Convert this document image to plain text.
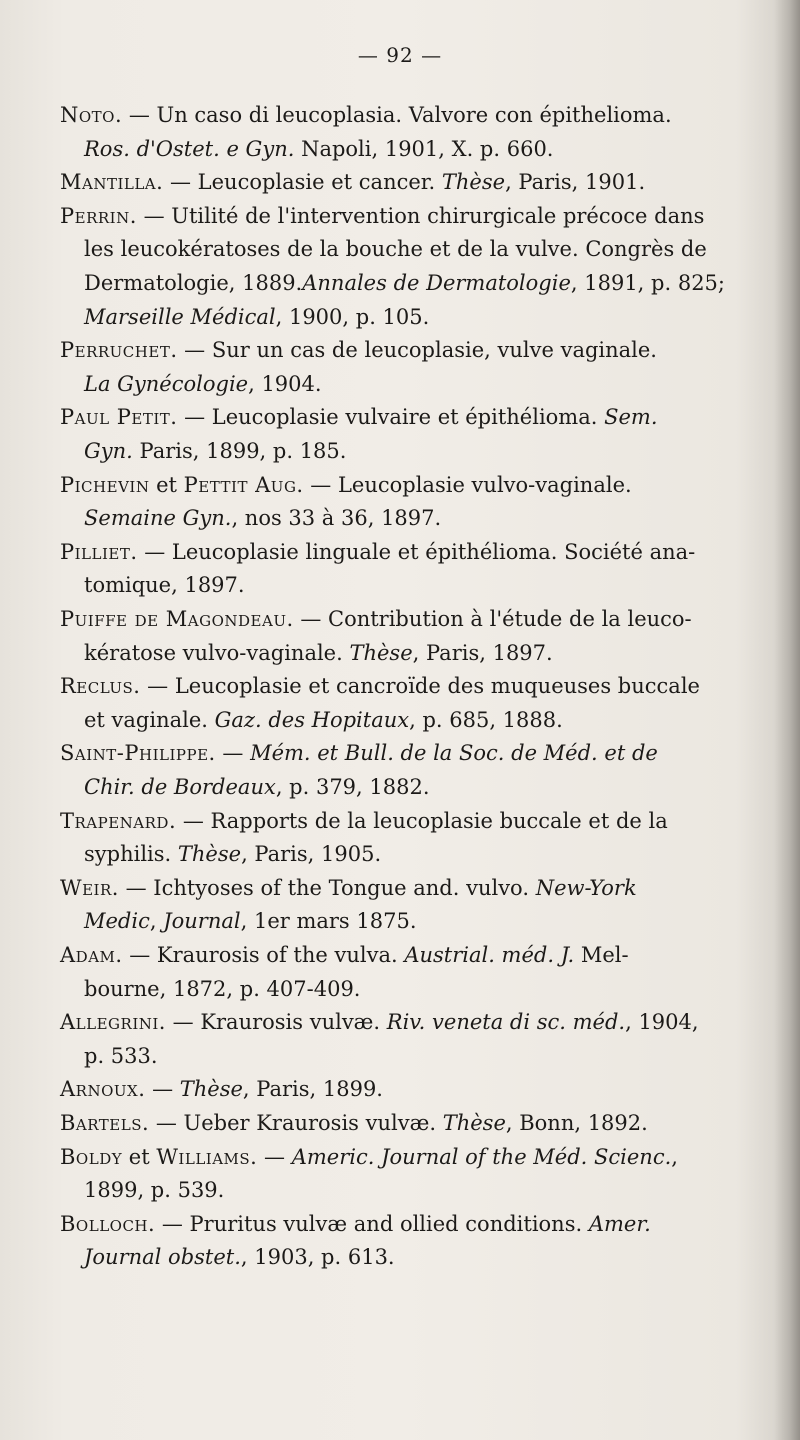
— 92 —
Noto. — Un caso di leucoplasia. Valvore con épithelioma.
Ros. d'Ostet. e Gyn. Napoli, 1901, X. p. 660.
Mantilla. — Leucoplasie et cancer. Thèse, Paris, 1901.
Perrin. — Utilité de l'intervention chirurgicale précoce dans
les leucokératoses de la bouche et de la vulve. Congrès de
Dermatologie, 1889.Annales de Dermatologie, 1891, p. 825;
Marseille Médical, 1900, p. 105.
Perruchet. — Sur un cas de leucoplasie, vulve vaginale.
La Gynécologie, 1904.
Paul Petit. — Leucoplasie vulvaire et épithélioma. Sem.
Gyn. Paris, 1899, p. 185.
Pichevin et Pettit Aug. — Leucoplasie vulvo-vaginale.
Semaine Gyn., nos 33 à 36, 1897.
Pilliet. — Leucoplasie linguale et épithélioma. Société ana-
tomique, 1897.
Puiffe de Magondeau. — Contribution à l'étude de la leuco-
kératose vulvo-vaginale. Thèse, Paris, 1897.
Reclus. — Leucoplasie et cancroïde des muqueuses buccale
et vaginale. Gaz. des Hopitaux, p. 685, 1888.
Saint-Philippe. — Mém. et Bull. de la Soc. de Méd. et de
Chir. de Bordeaux, p. 379, 1882.
Trapenard. — Rapports de la leucoplasie buccale et de la
syphilis. Thèse, Paris, 1905.
Weir. — Ichtyoses of the Tongue and. vulvo. New-York
Medic, Journal, 1er mars 1875.
Adam. — Kraurosis of the vulva. Austrial. méd. J. Mel-
bourne, 1872, p. 407-409.
Allegrini. — Kraurosis vulvæ. Riv. veneta di sc. méd., 1904,
p. 533.
Arnoux. — Thèse, Paris, 1899.
Bartels. — Ueber Kraurosis vulvæ. Thèse, Bonn, 1892.
Boldy et Williams. — Americ. Journal of the Méd. Scienc.,
1899, p. 539.
Bolloch. — Pruritus vulvæ and ollied conditions. Amer.
Journal obstet., 1903, p. 613.
